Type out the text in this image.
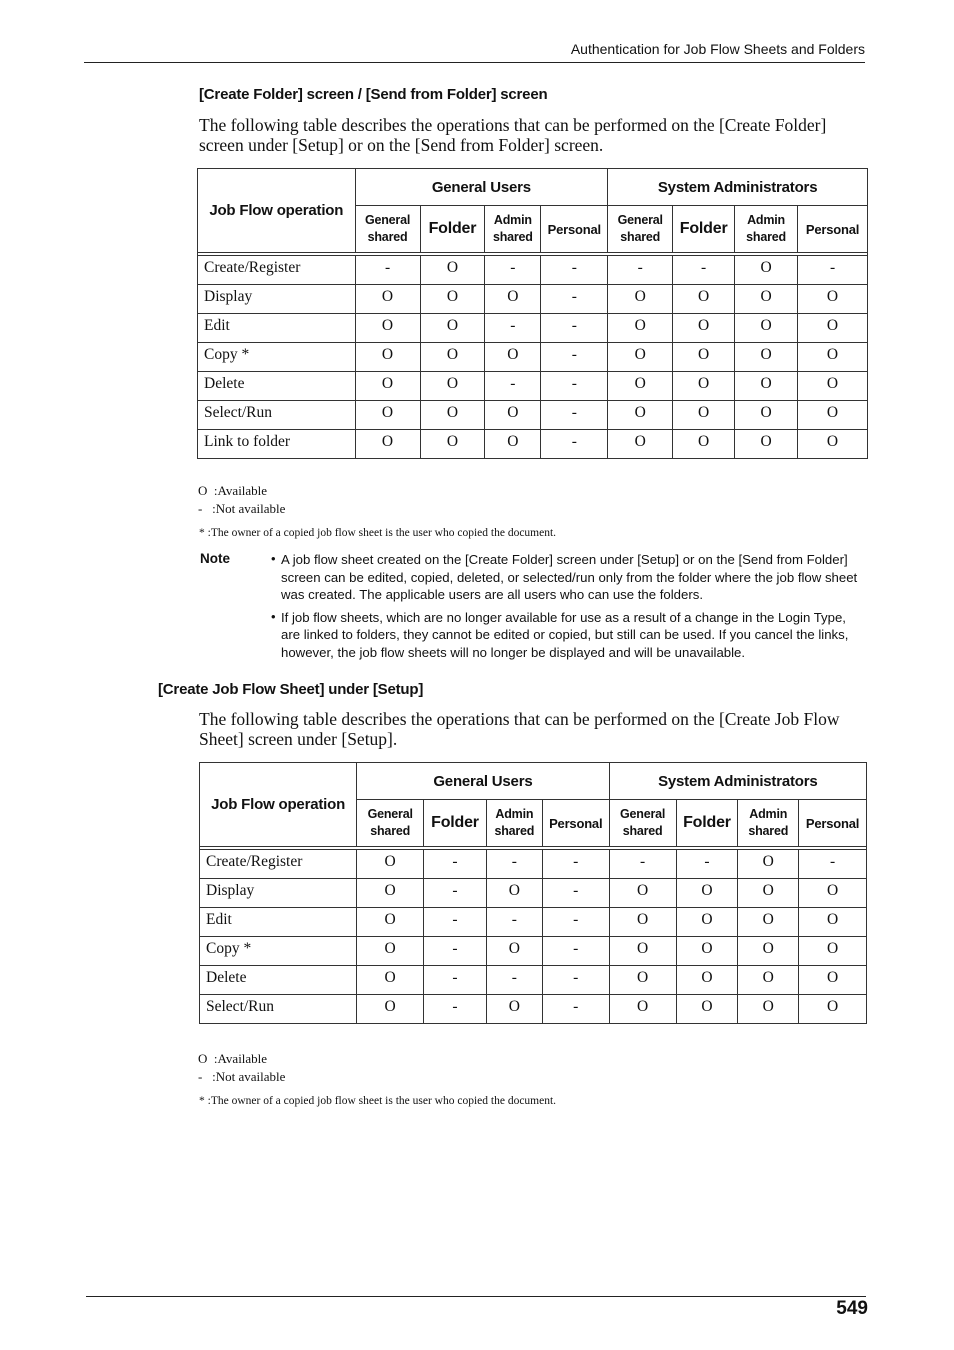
Authentication for Job Flow Sheets and Folders
[Create Folder] screen / [Send from Folder] screen
The following table describes the operations that can be performed on the [Create Folder]
screen under [Setup] or on the [Send from Folder] screen.
Job Flow operation	General Users				System Administrators			
	General shared	Folder	Admin shared	Personal	General shared	Folder	Admin shared	Personal

Create/Register	-	O	-	-	-	-	O	-
Display	O	O	O	-	O	O	O	O
Edit	O	O	-	-	O	O	O	O
Copy *	O	O	O	-	O	O	O	O
Delete	O	O	-	-	O	O	O	O
Select/Run	O	O	O	-	O	O	O	O
Link to folder	O	O	O	-	O	O	O	O
O  :Available
-   :Not available
* :The owner of a copied job flow sheet is the user who copied the document.
Note	• A job flow sheet created on the [Create Folder] screen under [Setup] or on the [Send from Folder] screen can be edited, copied, deleted, or selected/run only from the folder where the job flow sheet was created. The applicable users are all users who can use the folders.
• If job flow sheets, which are no longer available for use as a result of a change in the Login Type, are linked to folders, they cannot be edited or copied, but still can be used. If you cancel the links, however, the job flow sheets will no longer be displayed and will be unavailable.
[Create Job Flow Sheet] under [Setup]
The following table describes the operations that can be performed on the [Create Job Flow
Sheet] screen under [Setup].
Job Flow operation	General Users				System Administrators			
	General shared	Folder	Admin shared	Personal	General shared	Folder	Admin shared	Personal

Create/Register	O	-	-	-	-	-	O	-
Display	O	-	O	-	O	O	O	O
Edit	O	-	-	-	O	O	O	O
Copy *	O	-	O	-	O	O	O	O
Delete	O	-	-	-	O	O	O	O
Select/Run	O	-	O	-	O	O	O	O
O  :Available
-   :Not available
* :The owner of a copied job flow sheet is the user who copied the document.
549
